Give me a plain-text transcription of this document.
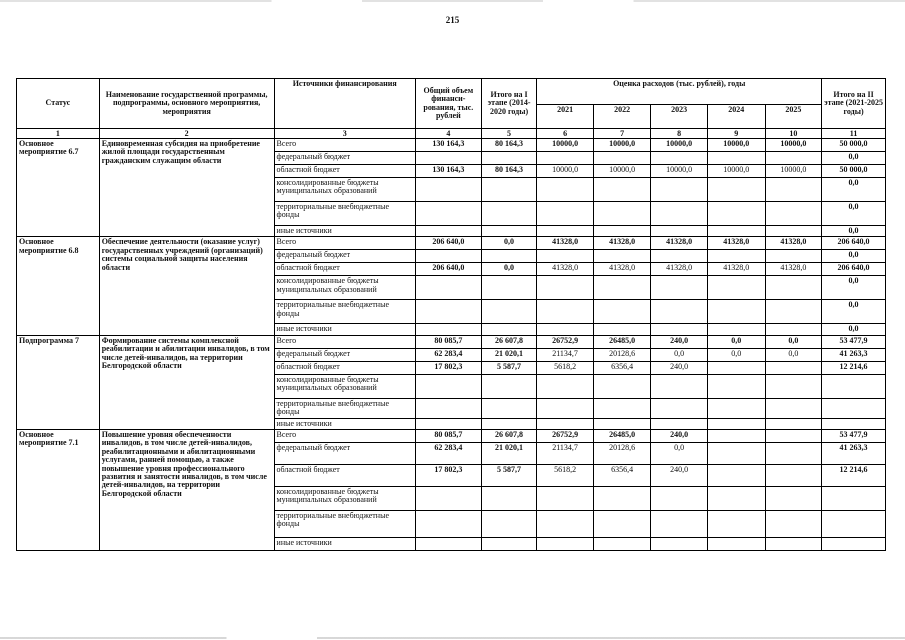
215
Статус	Наименование государственной программы, подпрограммы, основного мероприятия, мероприятия	Источники финансирования	Общий объем финанси-рования, тыс. рублей	Итого на I этапе (2014-2020 годы)	Оценка расходов (тыс. рублей), годы					Итого на II этапе (2021-2025 годы)
					2021	2022	2023	2024	2025	
1	2	3	4	5	6	7	8	9	10	11
Основное мероприятие 6.7	Единовременная субсидия на приобретение жилой площади государственным гражданским служащим области	Всего	130 164,3	80 164,3	10000,0	10000,0	10000,0	10000,0	10000,0	50 000,0
		федеральный бюджет								0,0
		областной бюджет	130 164,3	80 164,3	10000,0	10000,0	10000,0	10000,0	10000,0	50 000,0
		консолидированные бюджеты муниципальных образований								0,0
		территориальные внебюджетные фонды								0,0
		иные источники								0,0
Основное мероприятие 6.8	Обеспечение деятельности (оказание услуг) государственных учреждений (организаций) системы социальной защиты населения области	Всего	206 640,0	0,0	41328,0	41328,0	41328,0	41328,0	41328,0	206 640,0
		федеральный бюджет								0,0
		областной бюджет	206 640,0	0,0	41328,0	41328,0	41328,0	41328,0	41328,0	206 640,0
		консолидированные бюджеты муниципальных образований								0,0
		территориальные внебюджетные фонды								0,0
		иные источники								0,0
Подпрограмма 7	Формирование системы комплексной реабилитации и абилитации инвалидов, в том числе детей-инвалидов, на территории Белгородской области	Всего	80 085,7	26 607,8	26752,9	26485,0	240,0	0,0	0,0	53 477,9
		федеральный бюджет	62 283,4	21 020,1	21134,7	20128,6	0,0	0,0	0,0	41 263,3
		областной бюджет	17 802,3	5 587,7	5618,2	6356,4	240,0			12 214,6
		консолидированные бюджеты муниципальных образований								
		территориальные внебюджетные фонды								
		иные источники								
Основное мероприятие 7.1	Повышение уровня обеспеченности инвалидов, в том числе детей-инвалидов, реабилитационными и абилитационными услугами, ранней помощью, а также повышение уровня профессионального развития и занятости инвалидов, в том числе детей-инвалидов, на территории Белгородской области	Всего	80 085,7	26 607,8	26752,9	26485,0	240,0			53 477,9
		федеральный бюджет	62 283,4	21 020,1	21134,7	20128,6	0,0			41 263,3
		областной бюджет	17 802,3	5 587,7	5618,2	6356,4	240,0			12 214,6
		консолидированные бюджеты муниципальных образований								
		территориальные внебюджетные фонды								
		иные источники								
